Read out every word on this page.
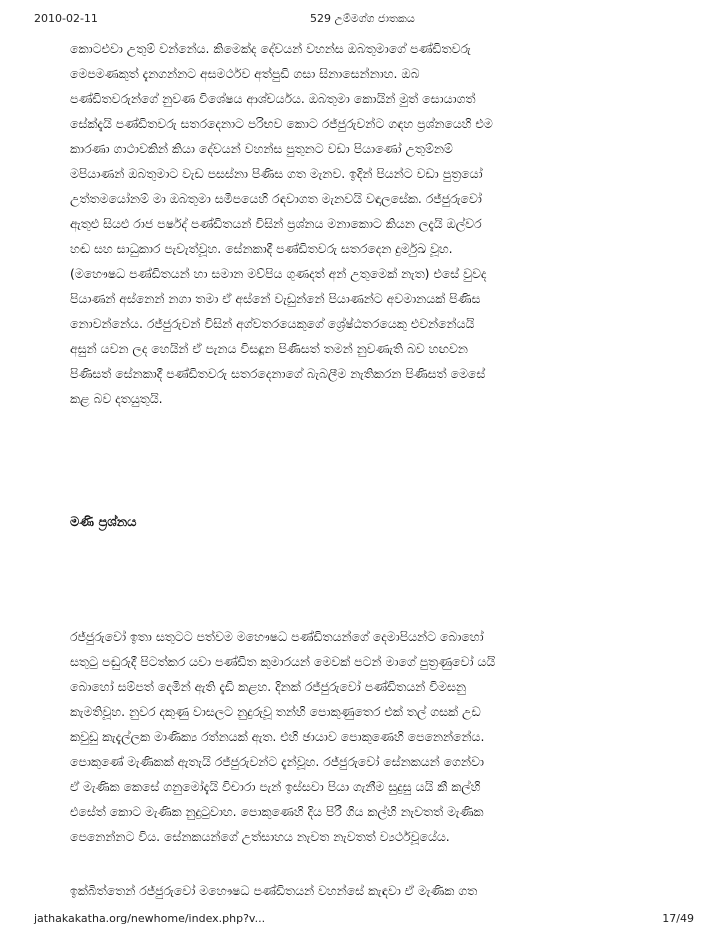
2010-02-11	529 උම්මග්ග ජාතකය
කොටඑවා උතුම් වන්නේය. කිමෙක්ද දේවයන් වහන්ස ඔබතුමාගේ පණ්ඩිතවරු
මෙපමණකුත් දැනගන්නට අසමර්ථව අත්පුඩි ගසා සිනාසෙන්නාහ. ඔබ
පණ්ඩිතවරුන්ගේ නුවණ විශේෂය ආශ්චර්යය. ඔබතුමා කොයින් මුත් සොයාගත්
සේක්දැයි පණ්ඩිතවරු සතරදෙනාට පරිභව කොට රජ්ජුරුවන්ට ගඳහ ප්‍රශ්නයෙහි එම
කාරණා ගාථාවකින් කියා දේවයන් වහන්ස පුතුනට වඩා පියාණෝ උතුම්නම්
මපියාණන් ඔබතුමාට වැඩ පසස්නා පිණිස ගත මැනව. ඉදින් පියන්ට වඩා පුත්‍රයෝ
උත්තමයෝනම් මා ඔබතුමා සමීපයෙහි රඳවාගත මැනවයි වඳාලසේක. රජ්ජුරුවෝ
ඇතුළු සියළු රාජ පර්ෂද් පණ්ඩිතයන් විසින් ප්‍රශ්නය මනාකොට කියන ලදැයි ඔල්වර
හඬ සහ සාධුකාර පැවැත්වූහ. සේනකාදී පණ්ඩිතවරු සතරදෙන දුර්මුඛ වූහ.
(මහෞෂධ පණ්ඩිතයන් හා සමාන මව්පිය ගුණදත් අන් උතුමෙක් නැත) එසේ වුවද
පියාණන් අස්නෙන් නගා තමා ඒ අස්නේ වැඩුන්නේ පියාණන්ට අවමානයක් පිණිස
නොවන්නේය. රජ්ජුරුවන් විසින් අග්වතරයෙකුගේ ශ්‍රේෂ්ඨතරයෙකු එවන්නේයයි
අසුන් යවන ලද හෙයින් ඒ පැනය විසඳූන පිණිසත් තමන් නුවණැති බව හඟවන
පිණිසත් සේනකාදී පණ්ඩිතවරු සතරදෙනාගේ බැබලීම නැතිකරන පිණිසත් මෙසේ
කළ බව දතයුතුයි.
මණි ප්‍රශ්නය
රජ්ජුරුවෝ ඉතා සතුටට පත්වම මහෞෂධ පණ්ඩිතයන්ගේ දෙමාපියන්ට බොහෝ
සතුටු පඬුරුදී පිටත්කර යවා පණ්ඩිත කුමාරයන් මෙවක් පටන් මාගේ පුත්‍රණුවෝ යයි
බොහෝ සම්පත් දෙමින් ඇති දැඩි කළහ. දිනක් රජ්ජුරුවෝ පණ්ඩිතයන් විමසනු
කැමතිවූහ. නුවර දකුණු වාසලට නුදුරුවූ තන්හි පොකුණුතෙර එක් තල් ගසක් උඩ
කවුඩු කැදැල්ලක මාණික්‍ය රත්නයක් ඇත. එහි ඡායාව පොකුණෙහි පෙනෙන්නේය.
පොකුණේ මැණිකක් ඇතැයි රජ්ජුරුවන්ට දැන්වූහ. රජ්ජුරුවෝ සේනකයන් ගෙන්වා
ඒ මැණික කෙසේ ගනුමෝදැයි විචාරා පැන් ඉස්සවා පියා ගැනීම සුදුසු යයි කී කල්හි
එසේත් කොට මැණික නුදුටුවාහ. පොකුණෙහි දිය පිරී ගිය කල්හි නැවතත් මැණික
පෙනෙන්නට විය. සේනකයන්ගේ උත්සාහය නැවත නැවතත් ව්‍යර්ථවූයේය.
ඉක්බිත්තෙන් රජ්ජුරුවෝ මහෞෂධ පණ්ඩිතයන් වහන්සේ කැඳවා ඒ මැණික ගත
jathakakatha.org/newhome/index.php?v...	17/49
